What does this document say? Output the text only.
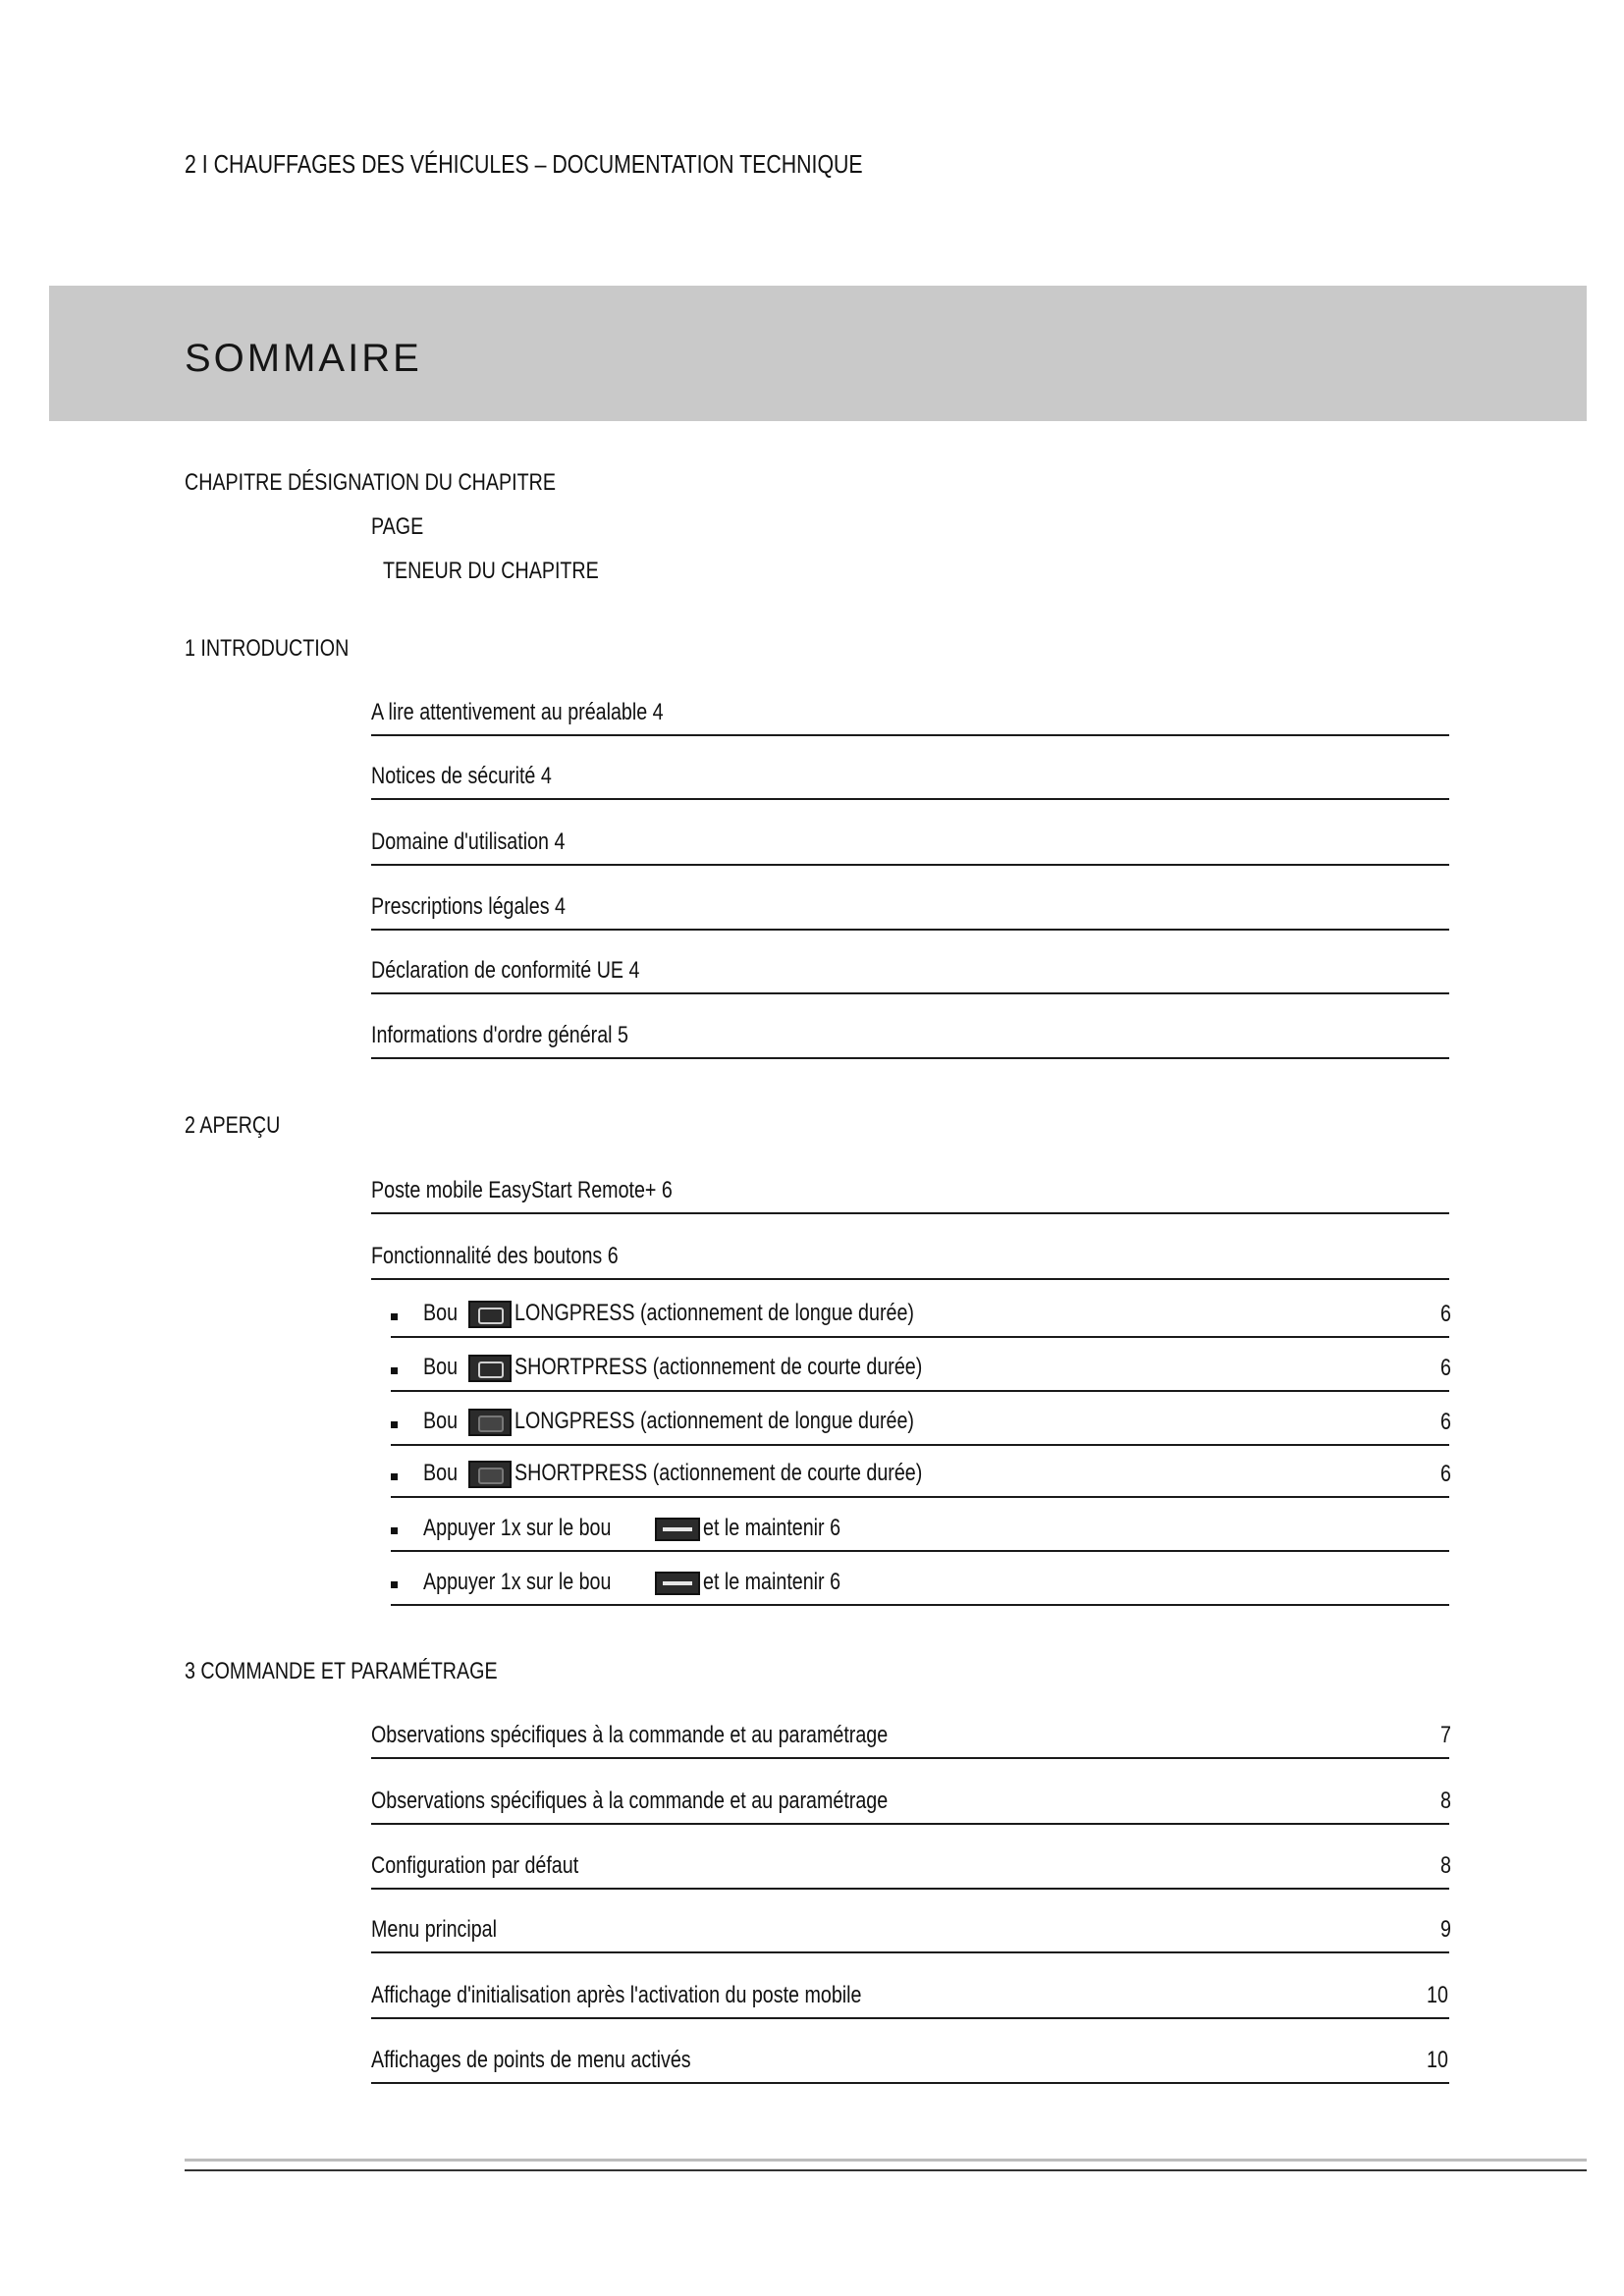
2 I CHAUFFAGES DES VÉHICULES – DOCUMENTATION TECHNIQUE
SOMMAIRE
CHAPITRE DÉSIGNATION DU CHAPITRE
PAGE
TENEUR DU CHAPITRE
1 INTRODUCTION
A lire attentivement au préalable 4
Notices de sécurité 4
Domaine d'utilisation 4
Prescriptions légales 4
Déclaration de conformité UE 4
Informations d'ordre général 5
2 APERÇU
Poste mobile EasyStart Remote+ 6
Fonctionnalité des boutons 6
Bou LONGPRESS (actionnement de longue durée)	6
Bou SHORTPRESS (actionnement de courte durée)	6
Bou LONGPRESS (actionnement de longue durée)	6
Bou SHORTPRESS (actionnement de courte durée)	6
Appuyer 1x sur le bou	et le maintenir 6
Appuyer 1x sur le bou	et le maintenir 6
3 COMMANDE ET PARAMÉTRAGE
Observations spécifiques à la commande et au paramétrage	7
Observations spécifiques à la commande et au paramétrage	8
Configuration par défaut	8
Menu principal	9
Affichage d'initialisation après l'activation du poste mobile	10
Affichages de points de menu activés	10
